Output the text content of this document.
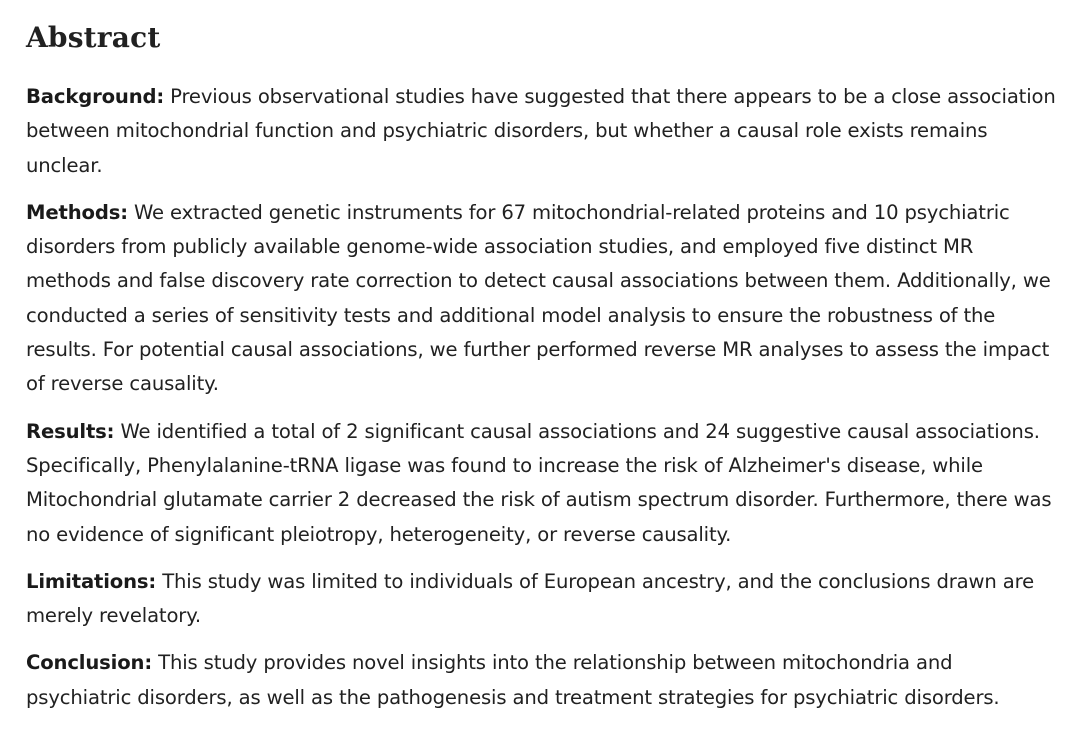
Abstract

Background: Previous observational studies have suggested that there appears to be a close association between mitochondrial function and psychiatric disorders, but whether a causal role exists remains unclear.

Methods: We extracted genetic instruments for 67 mitochondrial-related proteins and 10 psychiatric disorders from publicly available genome-wide association studies, and employed five distinct MR methods and false discovery rate correction to detect causal associations between them. Additionally, we conducted a series of sensitivity tests and additional model analysis to ensure the robustness of the results. For potential causal associations, we further performed reverse MR analyses to assess the impact of reverse causality.

Results: We identified a total of 2 significant causal associations and 24 suggestive causal associations. Specifically, Phenylalanine-tRNA ligase was found to increase the risk of Alzheimer's disease, while Mitochondrial glutamate carrier 2 decreased the risk of autism spectrum disorder. Furthermore, there was no evidence of significant pleiotropy, heterogeneity, or reverse causality.

Limitations: This study was limited to individuals of European ancestry, and the conclusions drawn are merely revelatory.

Conclusion: This study provides novel insights into the relationship between mitochondria and psychiatric disorders, as well as the pathogenesis and treatment strategies for psychiatric disorders.
